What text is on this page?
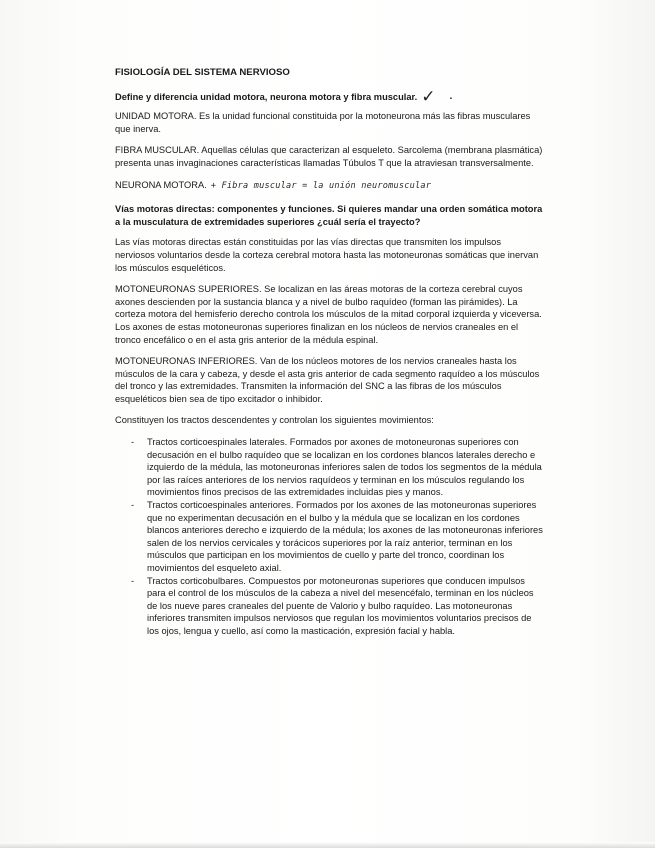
FISIOLOGÍA DEL SISTEMA NERVIOSO
Define y diferencia unidad motora, neurona motora y fibra muscular. ✓ .

UNIDAD MOTORA. Es la unidad funcional constituida por la motoneurona más las fibras musculares que inerva.

FIBRA MUSCULAR. Aquellas células que caracterizan al esqueleto. Sarcolema (membrana plasmática) presenta unas invaginaciones características llamadas Túbulos T que la atraviesan transversalmente.

NEURONA MOTORA. + Fibra muscular = la unión neuromuscular
Vías motoras directas: componentes y funciones. Si quieres mandar una orden somática motora a la musculatura de extremidades superiores ¿cuál sería el trayecto?

Las vías motoras directas están constituidas por las vías directas que transmiten los impulsos nerviosos voluntarios desde la corteza cerebral motora hasta las motoneuronas somáticas que inervan los músculos esqueléticos.

MOTONEURONAS SUPERIORES. Se localizan en las áreas motoras de la corteza cerebral cuyos axones descienden por la sustancia blanca y a nivel de bulbo raquídeo (forman las pirámides). La corteza motora del hemisferio derecho controla los músculos de la mitad corporal izquierda y viceversa. Los axones de estas motoneuronas superiores finalizan en los núcleos de nervios craneales en el tronco encefálico o en el asta gris anterior de la médula espinal.

MOTONEURONAS INFERIORES. Van de los núcleos motores de los nervios craneales hasta los músculos de la cara y cabeza, y desde el asta gris anterior de cada segmento raquídeo a los músculos del tronco y las extremidades. Transmiten la información del SNC a las fibras de los músculos esqueléticos bien sea de tipo excitador o inhibidor.

Constituyen los tractos descendentes y controlan los siguientes movimientos:

- Tractos corticoespinales laterales. Formados por axones de motoneuronas superiores con decusación en el bulbo raquídeo que se localizan en los cordones blancos laterales derecho e izquierdo de la médula, las motoneuronas inferiores salen de todos los segmentos de la médula por las raíces anteriores de los nervios raquídeos y terminan en los músculos regulando los movimientos finos precisos de las extremidades incluidas pies y manos.
- Tractos corticoespinales anteriores. Formados por los axones de las motoneuronas superiores que no experimentan decusación en el bulbo y la médula que se localizan en los cordones blancos anteriores derecho e izquierdo de la médula; los axones de las motoneuronas inferiores salen de los nervios cervicales y torácicos superiores por la raíz anterior, terminan en los músculos que participan en los movimientos de cuello y parte del tronco, coordinan los movimientos del esqueleto axial.
- Tractos corticobulbares. Compuestos por motoneuronas superiores que conducen impulsos para el control de los músculos de la cabeza a nivel del mesencéfalo, terminan en los núcleos de los nueve pares craneales del puente de Valorio y bulbo raquídeo. Las motoneuronas inferiores transmiten impulsos nerviosos que regulan los movimientos voluntarios precisos de los ojos, lengua y cuello, así como la masticación, expresión facial y habla.
